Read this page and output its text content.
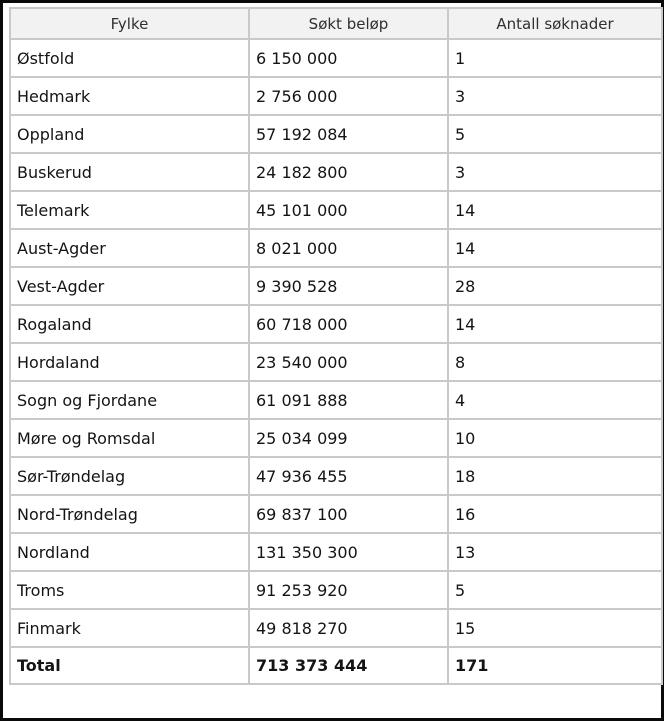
Fylke	Søkt beløp	Antall søknader
Østfold	6 150 000	1
Hedmark	2 756 000	3
Oppland	57 192 084	5
Buskerud	24 182 800	3
Telemark	45 101 000	14
Aust-Agder	8 021 000	14
Vest-Agder	9 390 528	28
Rogaland	60 718 000	14
Hordaland	23 540 000	8
Sogn og Fjordane	61 091 888	4
Møre og Romsdal	25 034 099	10
Sør-Trøndelag	47 936 455	18
Nord-Trøndelag	69 837 100	16
Nordland	131 350 300	13
Troms	91 253 920	5
Finmark	49 818 270	15
Total	713 373 444	171
